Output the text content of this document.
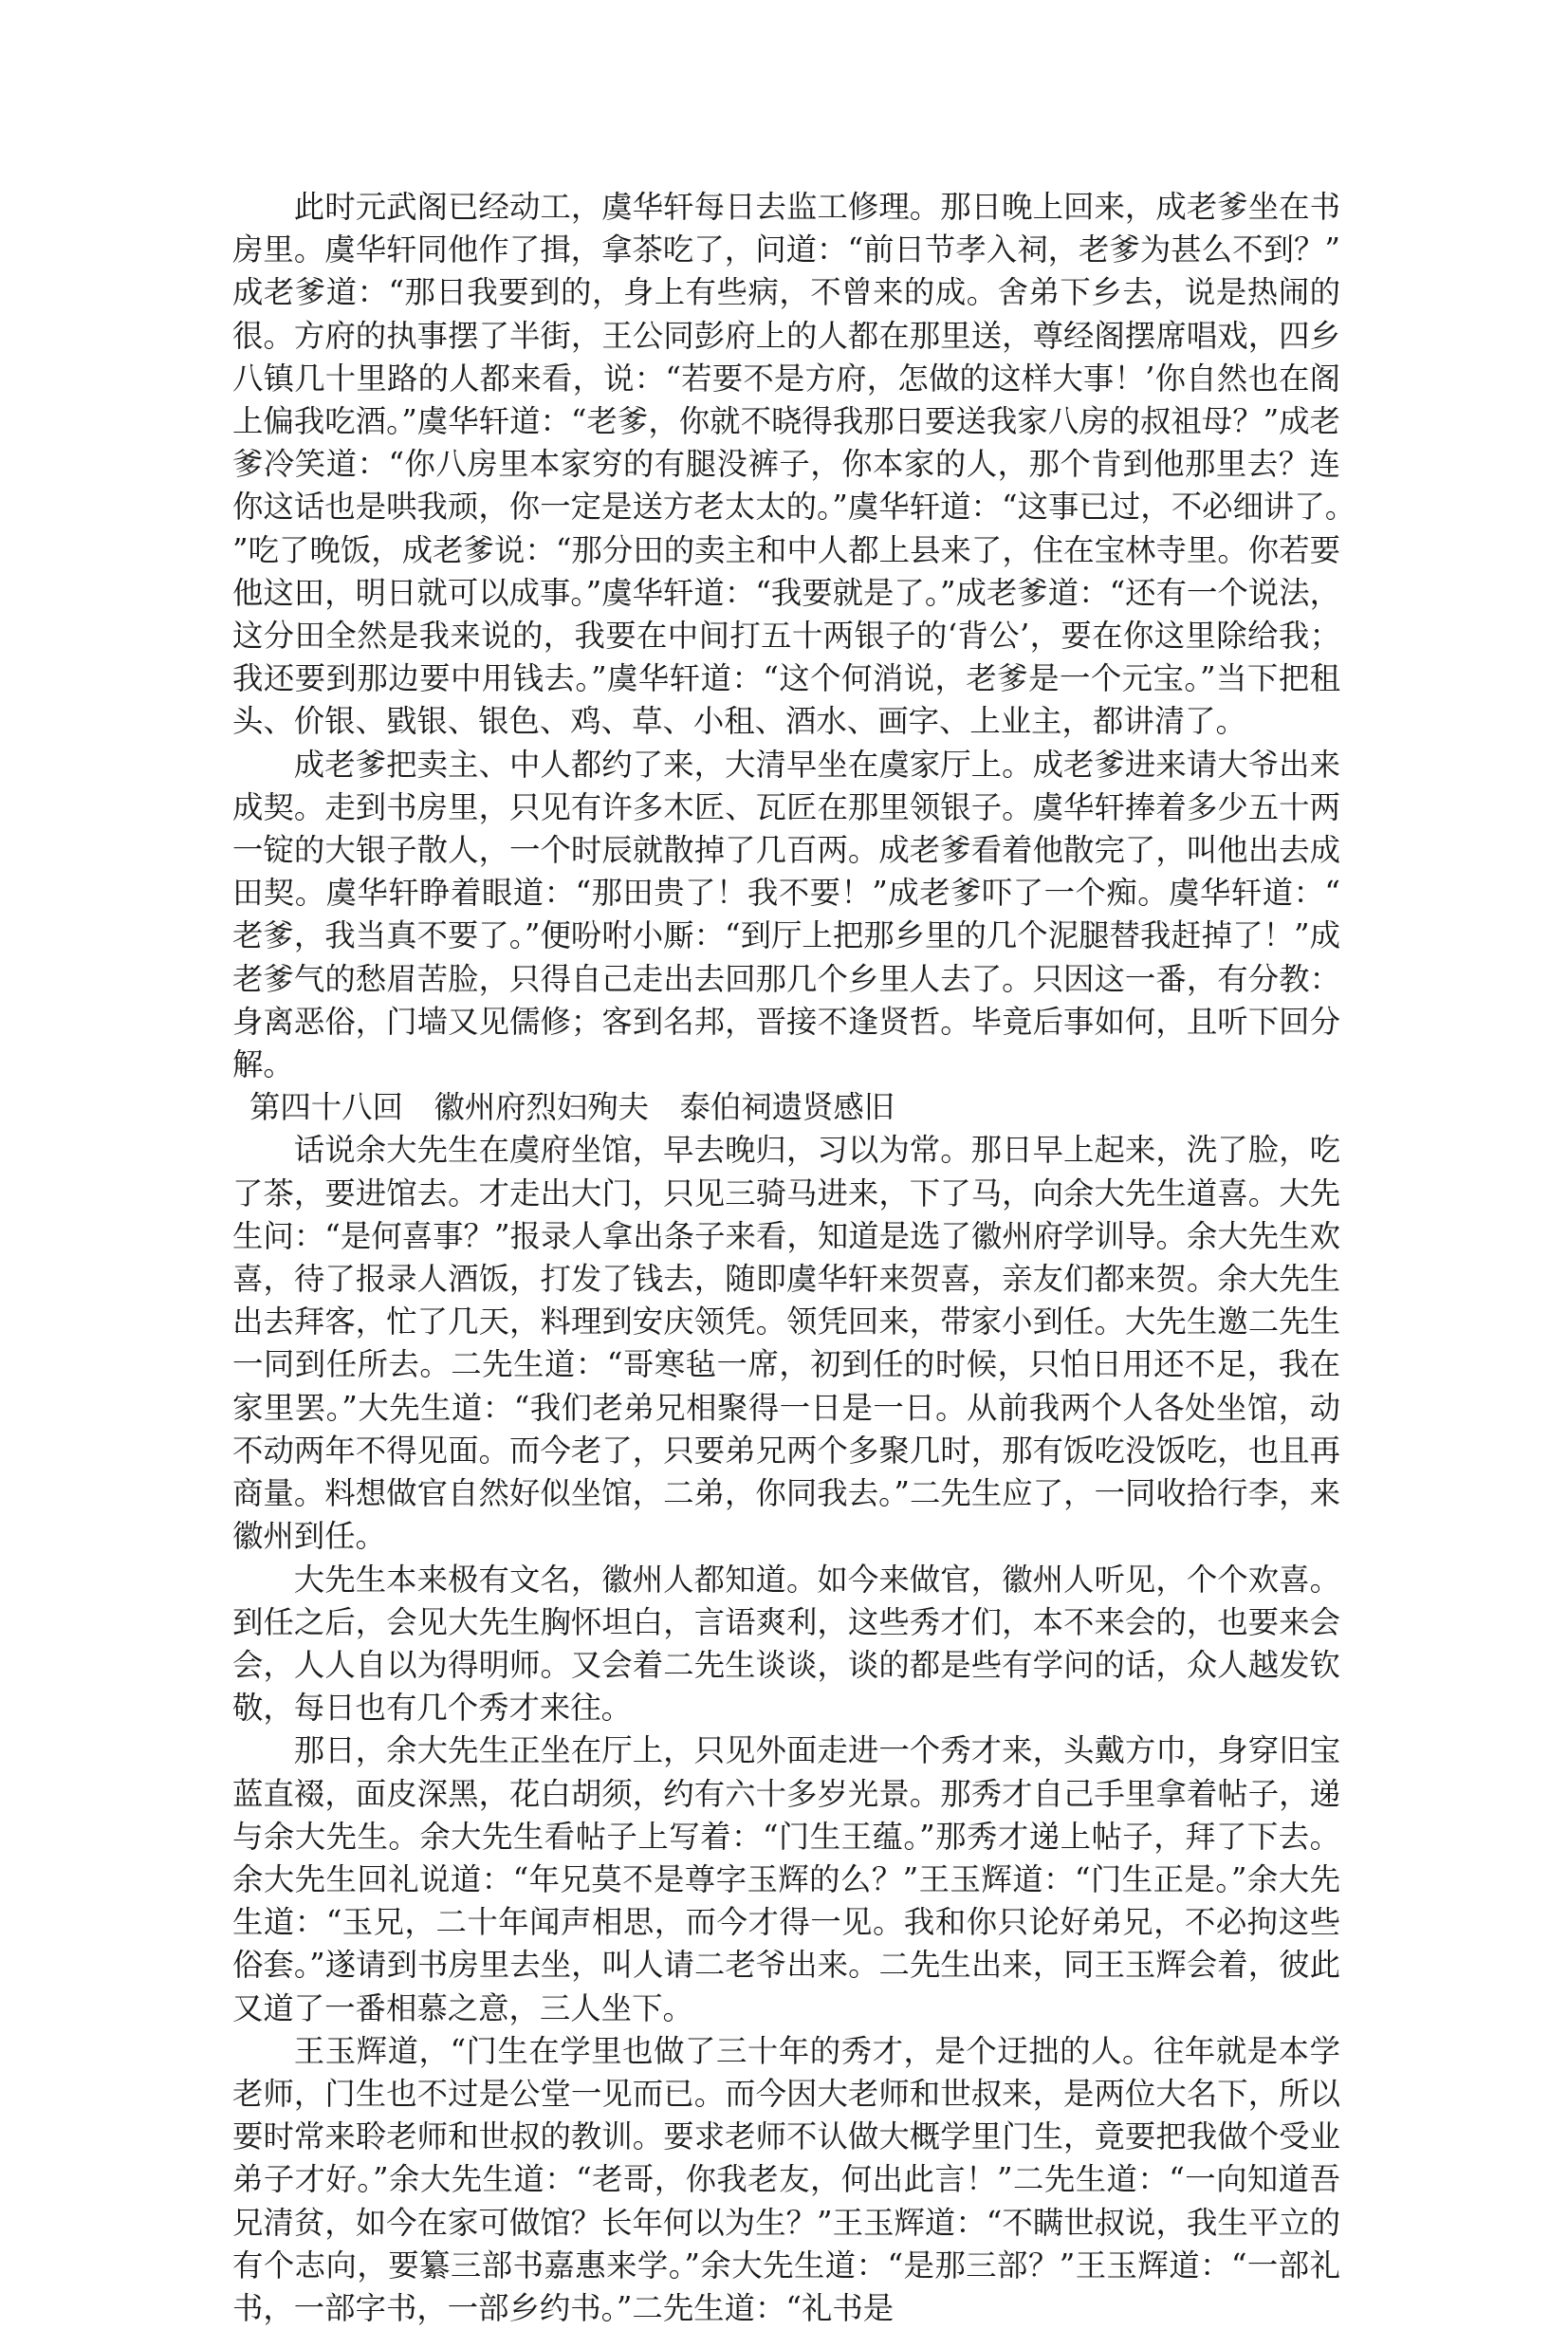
此时元武阁已经动工，虞华轩每日去监工修理。那日晚上回来，成老爹坐在书房里。虞华轩同他作了揖，拿茶吃了，问道：“前日节孝入祠，老爹为甚么不到？”成老爹道：“那日我要到的，身上有些病，不曾来的成。舍弟下乡去，说是热闹的很。方府的执事摆了半街，王公同彭府上的人都在那里送，尊经阁摆席唱戏，四乡八镇几十里路的人都来看，说：“若要不是方府，怎做的这样大事！’你自然也在阁上偏我吃酒。”虞华轩道：“老爹，你就不晓得我那日要送我家八房的叔祖母？”成老爹冷笑道：“你八房里本家穷的有腿没裤子，你本家的人，那个肯到他那里去？连你这话也是哄我顽，你一定是送方老太太的。”虞华轩道：“这事已过，不必细讲了。”吃了晚饭，成老爹说：“那分田的卖主和中人都上县来了，住在宝林寺里。你若要他这田，明日就可以成事。”虞华轩道：“我要就是了。”成老爹道：“还有一个说法，这分田全然是我来说的，我要在中间打五十两银子的‘背公’，要在你这里除给我；我还要到那边要中用钱去。”虞华轩道：“这个何消说，老爹是一个元宝。”当下把租头、价银、戥银、银色、鸡、草、小租、酒水、画字、上业主，都讲清了。

成老爹把卖主、中人都约了来，大清早坐在虞家厅上。成老爹进来请大爷出来成契。走到书房里，只见有许多木匠、瓦匠在那里领银子。虞华轩捧着多少五十两一锭的大银子散人，一个时辰就散掉了几百两。成老爹看着他散完了，叫他出去成田契。虞华轩睁着眼道：“那田贵了！我不要！”成老爹吓了一个痴。虞华轩道：“老爹，我当真不要了。”便吩咐小厮：“到厅上把那乡里的几个泥腿替我赶掉了！”成老爹气的愁眉苦脸，只得自己走出去回那几个乡里人去了。只因这一番，有分教：身离恶俗，门墙又见儒修；客到名邦，晋接不逢贤哲。毕竟后事如何，且听下回分解。

第四十八回　徽州府烈妇殉夫　泰伯祠遗贤感旧

话说余大先生在虞府坐馆，早去晚归，习以为常。那日早上起来，洗了脸，吃了茶，要进馆去。才走出大门，只见三骑马进来，下了马，向余大先生道喜。大先生问：“是何喜事？”报录人拿出条子来看，知道是选了徽州府学训导。余大先生欢喜，待了报录人酒饭，打发了钱去，随即虞华轩来贺喜，亲友们都来贺。余大先生出去拜客，忙了几天，料理到安庆领凭。领凭回来，带家小到任。大先生邀二先生一同到任所去。二先生道：“哥寒毡一席，初到任的时候，只怕日用还不足，我在家里罢。”大先生道：“我们老弟兄相聚得一日是一日。从前我两个人各处坐馆，动不动两年不得见面。而今老了，只要弟兄两个多聚几时，那有饭吃没饭吃，也且再商量。料想做官自然好似坐馆，二弟，你同我去。”二先生应了，一同收拾行李，来徽州到任。

大先生本来极有文名，徽州人都知道。如今来做官，徽州人听见，个个欢喜。到任之后，会见大先生胸怀坦白，言语爽利，这些秀才们，本不来会的，也要来会会，人人自以为得明师。又会着二先生谈谈，谈的都是些有学问的话，众人越发钦敬，每日也有几个秀才来往。

那日，余大先生正坐在厅上，只见外面走进一个秀才来，头戴方巾，身穿旧宝蓝直裰，面皮深黑，花白胡须，约有六十多岁光景。那秀才自己手里拿着帖子，递与余大先生。余大先生看帖子上写着：“门生王蕴。”那秀才递上帖子，拜了下去。余大先生回礼说道：“年兄莫不是尊字玉辉的么？”王玉辉道：“门生正是。”余大先生道：“玉兄，二十年闻声相思，而今才得一见。我和你只论好弟兄，不必拘这些俗套。”遂请到书房里去坐，叫人请二老爷出来。二先生出来，同王玉辉会着，彼此又道了一番相慕之意，三人坐下。

王玉辉道，“门生在学里也做了三十年的秀才，是个迂拙的人。往年就是本学老师，门生也不过是公堂一见而已。而今因大老师和世叔来，是两位大名下，所以要时常来聆老师和世叔的教训。要求老师不认做大概学里门生，竟要把我做个受业弟子才好。”余大先生道：“老哥，你我老友，何出此言！”二先生道：“一向知道吾兄清贫，如今在家可做馆？长年何以为生？”王玉辉道：“不瞒世叔说，我生平立的有个志向，要纂三部书嘉惠来学。”余大先生道：“是那三部？”王玉辉道：“一部礼书，一部字书，一部乡约书。”二先生道：“礼书是
